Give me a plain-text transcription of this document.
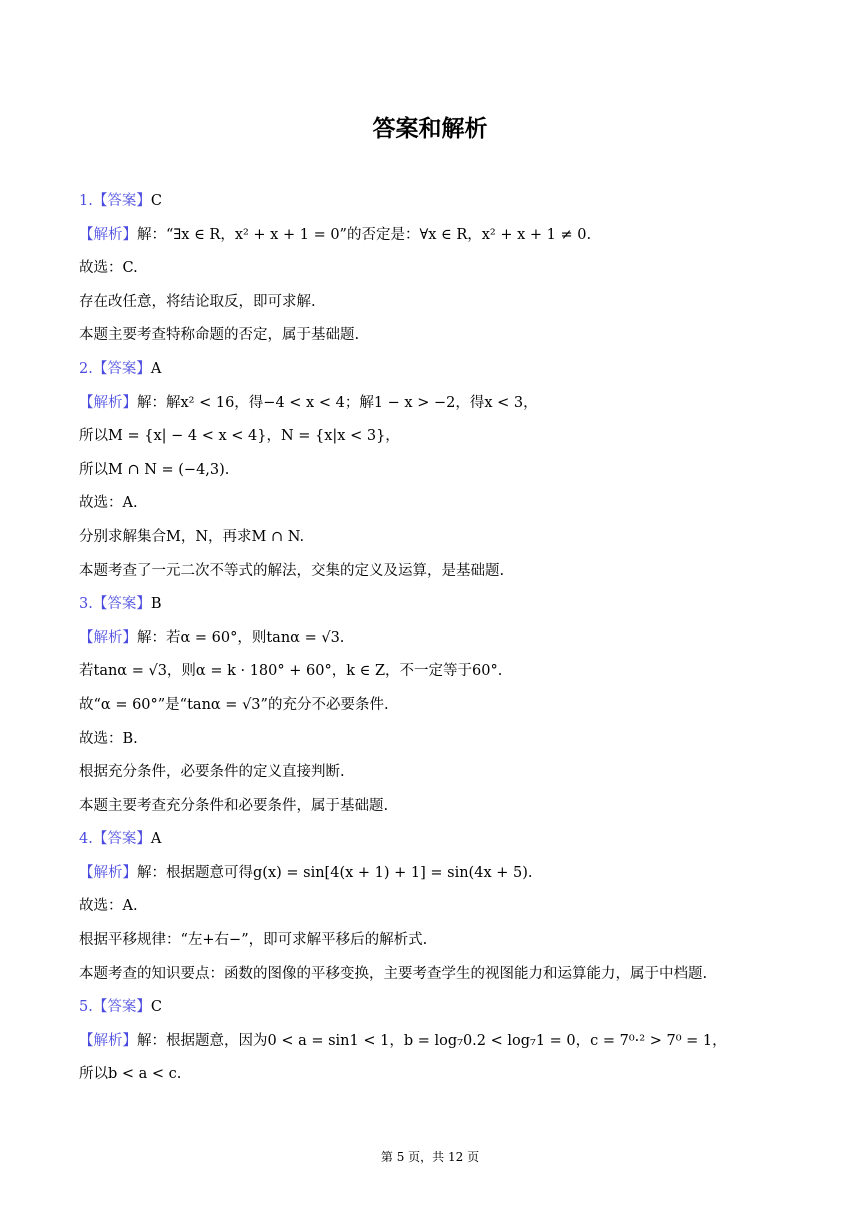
答案和解析
1.【答案】C
【解析】解：“∃x ∈ R，x² + x + 1 = 0”的否定是：∀x ∈ R，x² + x + 1 ≠ 0.
故选：C.
存在改任意，将结论取反，即可求解.
本题主要考查特称命题的否定，属于基础题.
2.【答案】A
【解析】解：解x² < 16，得−4 < x < 4；解1 − x > −2，得x < 3，
所以M = {x| − 4 < x < 4}，N = {x|x < 3}，
所以M ∩ N = (−4,3).
故选：A.
分别求解集合M，N，再求M ∩ N.
本题考查了一元二次不等式的解法，交集的定义及运算，是基础题.
3.【答案】B
【解析】解：若α = 60°，则tanα = √3.
若tanα = √3，则α = k · 180° + 60°，k ∈ Z，不一定等于60°.
故“α = 60°”是“tanα = √3”的充分不必要条件.
故选：B.
根据充分条件，必要条件的定义直接判断.
本题主要考查充分条件和必要条件，属于基础题.
4.【答案】A
【解析】解：根据题意可得g(x) = sin[4(x + 1) + 1] = sin(4x + 5).
故选：A.
根据平移规律：“左+右−”，即可求解平移后的解析式.
本题考查的知识要点：函数的图像的平移变换，主要考查学生的视图能力和运算能力，属于中档题.
5.【答案】C
【解析】解：根据题意，因为0 < a = sin1 < 1，b = log₇0.2 < log₇1 = 0，c = 7⁰·² > 7⁰ = 1，
所以b < a < c.
第 5 页，共 12 页
